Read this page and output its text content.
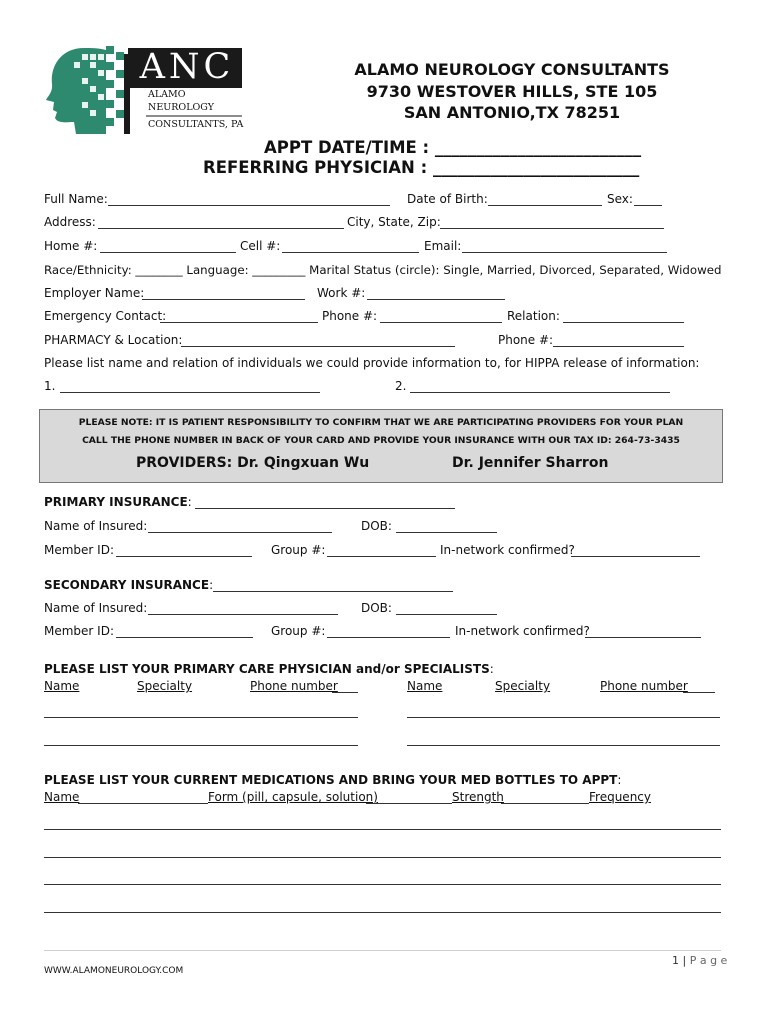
ANC
ALAMO
NEUROLOGY
CONSULTANTS, PA
ALAMO NEUROLOGY CONSULTANTS
9730 WESTOVER HILLS, STE 105
SAN ANTONIO,TX 78251
APPT DATE/TIME : _________________________
REFERRING PHYSICIAN : _________________________
Full Name:	Date of Birth:	Sex:
Address:	City, State, Zip:
Home #:	Cell #:	Email:
Race/Ethnicity: ________ Language: _________ Marital Status (circle): Single, Married, Divorced, Separated, Widowed
Employer Name:	Work #:
Emergency Contact:	Phone #:	Relation:
PHARMACY & Location:	Phone #:
Please list name and relation of individuals we could provide information to, for HIPPA release of information:
1.	2.
PLEASE NOTE: IT IS PATIENT RESPONSIBILITY TO CONFIRM THAT WE ARE PARTICIPATING PROVIDERS FOR YOUR PLAN
CALL THE PHONE NUMBER IN BACK OF YOUR CARD AND PROVIDE YOUR INSURANCE WITH OUR TAX ID: 264-73-3435
PROVIDERS: Dr. Qingxuan Wu	Dr. Jennifer Sharron
PRIMARY INSURANCE:
Name of Insured:	DOB:
Member ID:	Group #:	In-network confirmed?
SECONDARY INSURANCE:
Name of Insured:	DOB:
Member ID:	Group #:	In-network confirmed?
PLEASE LIST YOUR PRIMARY CARE PHYSICIAN and/or SPECIALISTS:
Name	Specialty	Phone number	Name	Specialty	Phone number
PLEASE LIST YOUR CURRENT MEDICATIONS AND BRING YOUR MED BOTTLES TO APPT:
Name	Form (pill, capsule, solution)	Strength	Frequency
1 | P a g e
WWW.ALAMONEUROLOGY.COM
